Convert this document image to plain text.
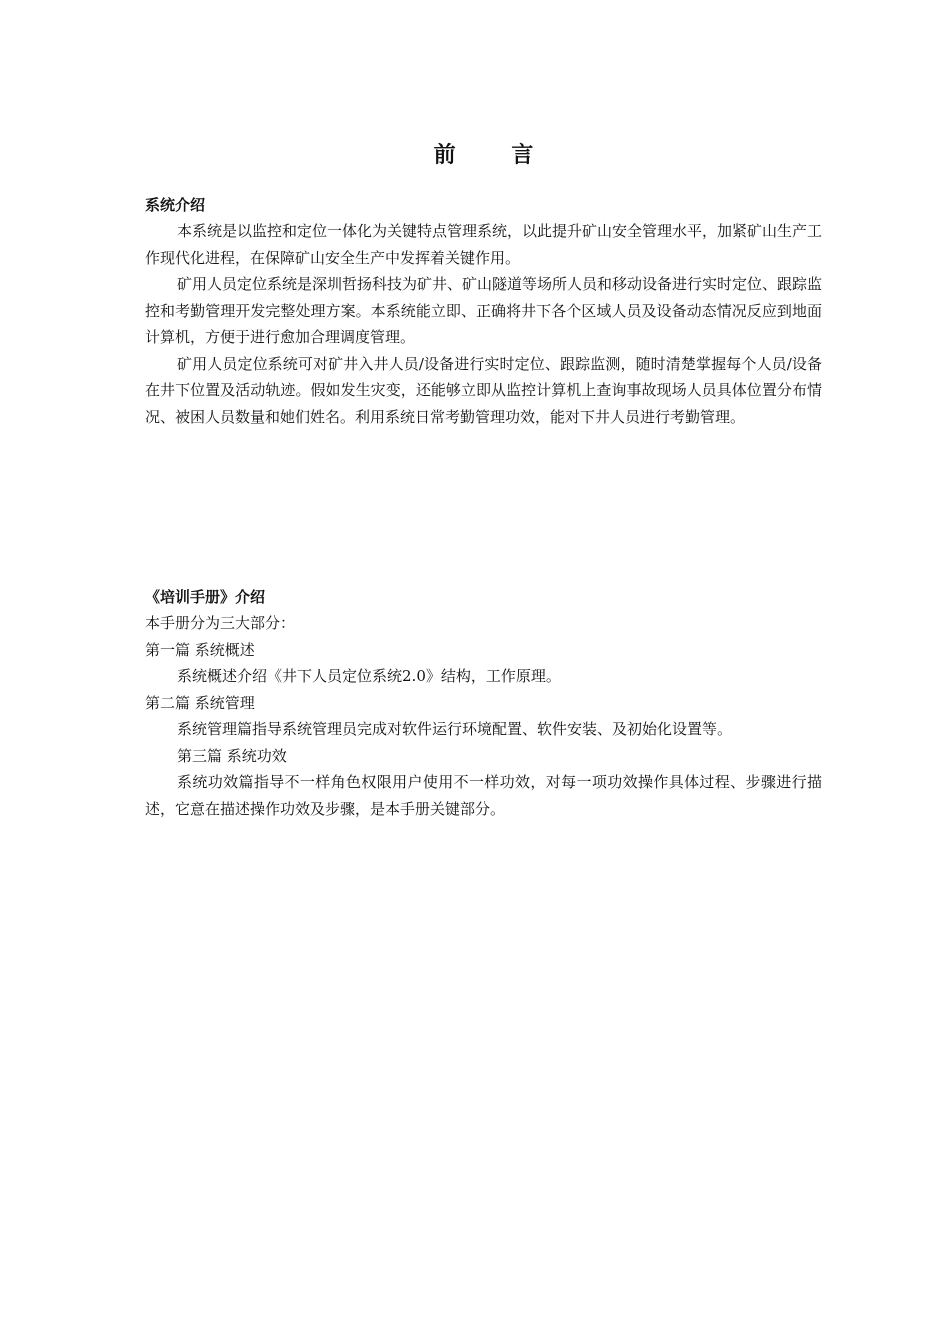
前 言

系统介绍

本系统是以监控和定位一体化为关键特点管理系统，以此提升矿山安全管理水平，加紧矿山生产工作现代化进程，在保障矿山安全生产中发挥着关键作用。

矿用人员定位系统是深圳哲扬科技为矿井、矿山隧道等场所人员和移动设备进行实时定位、跟踪监控和考勤管理开发完整处理方案。本系统能立即、正确将井下各个区域人员及设备动态情况反应到地面计算机，方便于进行愈加合理调度管理。

矿用人员定位系统可对矿井入井人员/设备进行实时定位、跟踪监测，随时清楚掌握每个人员/设备在井下位置及活动轨迹。假如发生灾变，还能够立即从监控计算机上查询事故现场人员具体位置分布情况、被困人员数量和她们姓名。利用系统日常考勤管理功效，能对下井人员进行考勤管理。

《培训手册》介绍

本手册分为三大部分：

第一篇 系统概述

系统概述介绍《井下人员定位系统2.0》结构，工作原理。

第二篇 系统管理

系统管理篇指导系统管理员完成对软件运行环境配置、软件安装、及初始化设置等。

第三篇 系统功效

系统功效篇指导不一样角色权限用户使用不一样功效，对每一项功效操作具体过程、步骤进行描述，它意在描述操作功效及步骤，是本手册关键部分。
